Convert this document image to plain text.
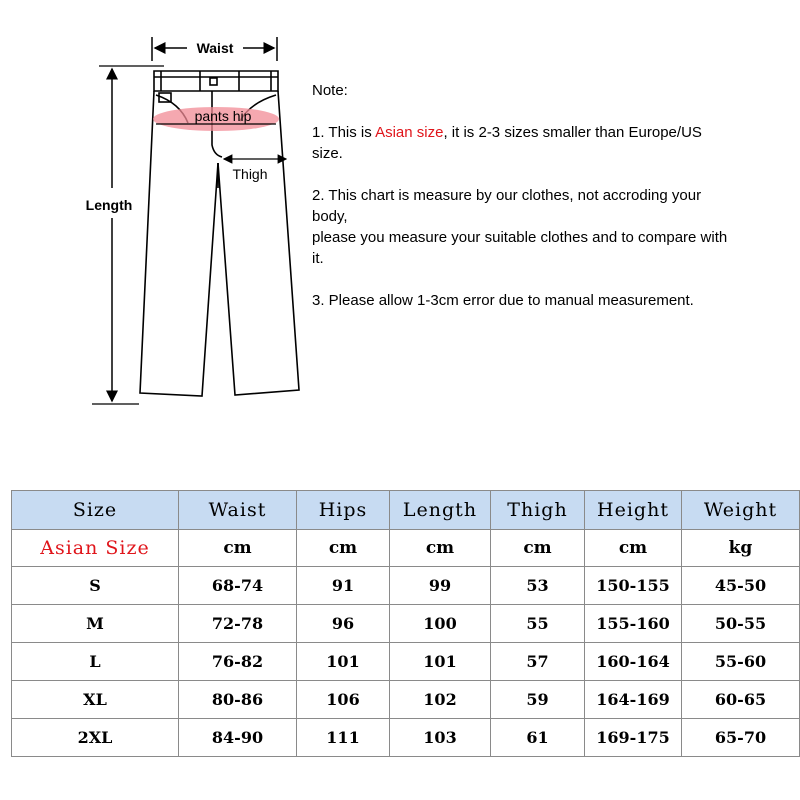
Waist
Length
pants hip
Thigh

Note:

1. This is Asian size, it is 2-3 sizes smaller than Europe/US size.

2. This chart is measure by our clothes, not accroding your body,
please you measure your suitable clothes and to compare with it.

3. Please allow 1-3cm error due to manual measurement.

Size	Waist	Hips	Length	Thigh	Height	Weight
Asian Size	cm	cm	cm	cm	cm	kg
S	68-74	91	99	53	150-155	45-50
M	72-78	96	100	55	155-160	50-55
L	76-82	101	101	57	160-164	55-60
XL	80-86	106	102	59	164-169	60-65
2XL	84-90	111	103	61	169-175	65-70
